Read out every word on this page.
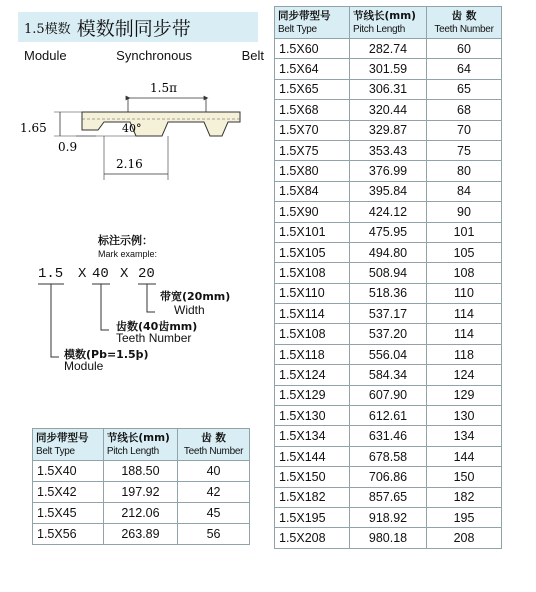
1.5模数 模数制同步带
Module	Synchronous	Belt
1.5π
1.65
0.9
40°
2.16
标注示例：
Mark example:
1.5 X 40 X 20
带宽(20mm)
Width
齿数(40齿mm)
Teeth Number
模数(Pb=1.5þ)
Module
同步带型号
Belt Type	节线长(mm)
Pitch Length	齿 数
Teeth Number

1.5X60	282.74	60
1.5X64	301.59	64
1.5X65	306.31	65
1.5X68	320.44	68
1.5X70	329.87	70
1.5X75	353.43	75
1.5X80	376.99	80
1.5X84	395.84	84
1.5X90	424.12	90
1.5X101	475.95	101
1.5X105	494.80	105
1.5X108	508.94	108
1.5X110	518.36	110
1.5X114	537.17	114
1.5X108	537.20	114
1.5X118	556.04	118
1.5X124	584.34	124
1.5X129	607.90	129
1.5X130	612.61	130
1.5X134	631.46	134
1.5X144	678.58	144
1.5X150	706.86	150
1.5X182	857.65	182
1.5X195	918.92	195
1.5X208	980.18	208
同步带型号
Belt Type	节线长(mm)
Pitch Length	齿 数
Teeth Number

1.5X40	188.50	40
1.5X42	197.92	42
1.5X45	212.06	45
1.5X56	263.89	56
